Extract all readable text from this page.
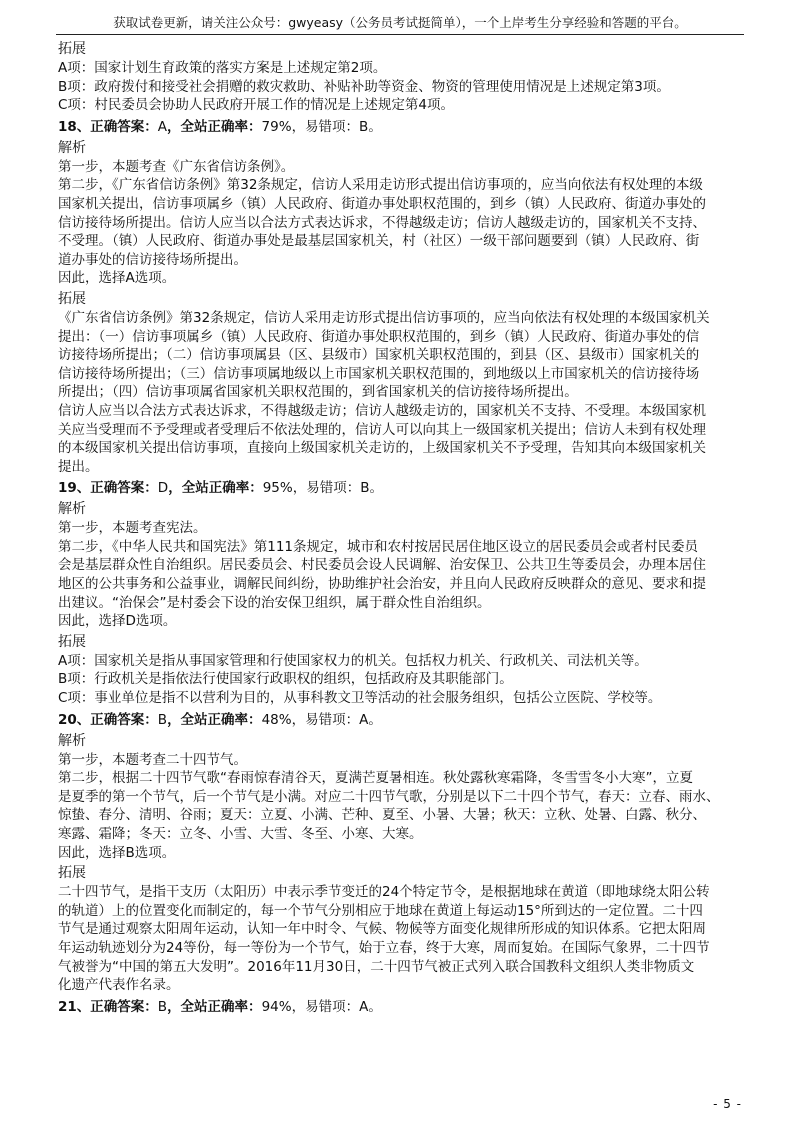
获取试卷更新，请关注公众号：gwyeasy（公务员考试挺简单），一个上岸考生分享经验和答题的平台。
拓展
A项：国家计划生育政策的落实方案是上述规定第2项。
B项：政府拨付和接受社会捐赠的救灾救助、补贴补助等资金、物资的管理使用情况是上述规定第3项。
C项：村民委员会协助人民政府开展工作的情况是上述规定第4项。
18、正确答案：A，全站正确率：79%，易错项：B。
解析
第一步，本题考查《广东省信访条例》。
第二步，《广东省信访条例》第32条规定，信访人采用走访形式提出信访事项的，应当向依法有权处理的本级
国家机关提出，信访事项属乡（镇）人民政府、街道办事处职权范围的，到乡（镇）人民政府、街道办事处的
信访接待场所提出。信访人应当以合法方式表达诉求，不得越级走访；信访人越级走访的，国家机关不支持、
不受理。（镇）人民政府、街道办事处是最基层国家机关，村（社区）一级干部问题要到（镇）人民政府、街
道办事处的信访接待场所提出。
因此，选择A选项。
拓展
《广东省信访条例》第32条规定，信访人采用走访形式提出信访事项的，应当向依法有权处理的本级国家机关
提出：（一）信访事项属乡（镇）人民政府、街道办事处职权范围的，到乡（镇）人民政府、街道办事处的信
访接待场所提出；（二）信访事项属县（区、县级市）国家机关职权范围的，到县（区、县级市）国家机关的
信访接待场所提出；（三）信访事项属地级以上市国家机关职权范围的，到地级以上市国家机关的信访接待场
所提出；（四）信访事项属省国家机关职权范围的，到省国家机关的信访接待场所提出。
信访人应当以合法方式表达诉求，不得越级走访；信访人越级走访的，国家机关不支持、不受理。本级国家机
关应当受理而不予受理或者受理后不依法处理的，信访人可以向其上一级国家机关提出；信访人未到有权处理
的本级国家机关提出信访事项，直接向上级国家机关走访的，上级国家机关不予受理，告知其向本级国家机关
提出。
19、正确答案：D，全站正确率：95%，易错项：B。
解析
第一步，本题考查宪法。
第二步，《中华人民共和国宪法》第111条规定，城市和农村按居民居住地区设立的居民委员会或者村民委员
会是基层群众性自治组织。居民委员会、村民委员会设人民调解、治安保卫、公共卫生等委员会，办理本居住
地区的公共事务和公益事业，调解民间纠纷，协助维护社会治安，并且向人民政府反映群众的意见、要求和提
出建议。“治保会”是村委会下设的治安保卫组织，属于群众性自治组织。
因此，选择D选项。
拓展
A项：国家机关是指从事国家管理和行使国家权力的机关。包括权力机关、行政机关、司法机关等。
B项：行政机关是指依法行使国家行政职权的组织，包括政府及其职能部门。
C项：事业单位是指不以营利为目的，从事科教文卫等活动的社会服务组织，包括公立医院、学校等。
20、正确答案：B，全站正确率：48%，易错项：A。
解析
第一步，本题考查二十四节气。
第二步，根据二十四节气歌“春雨惊春清谷天，夏满芒夏暑相连。秋处露秋寒霜降，冬雪雪冬小大寒”，立夏
是夏季的第一个节气，后一个节气是小满。对应二十四节气歌，分别是以下二十四个节气，春天：立春、雨水、
惊蛰、春分、清明、谷雨；夏天：立夏、小满、芒种、夏至、小暑、大暑；秋天：立秋、处暑、白露、秋分、
寒露、霜降；冬天：立冬、小雪、大雪、冬至、小寒、大寒。
因此，选择B选项。
拓展
二十四节气，是指干支历（太阳历）中表示季节变迁的24个特定节令，是根据地球在黄道（即地球绕太阳公转
的轨道）上的位置变化而制定的，每一个节气分别相应于地球在黄道上每运动15°所到达的一定位置。二十四
节气是通过观察太阳周年运动，认知一年中时令、气候、物候等方面变化规律所形成的知识体系。它把太阳周
年运动轨迹划分为24等份，每一等份为一个节气，始于立春，终于大寒，周而复始。在国际气象界，二十四节
气被誉为“中国的第五大发明”。2016年11月30日，二十四节气被正式列入联合国教科文组织人类非物质文
化遗产代表作名录。
21、正确答案：B，全站正确率：94%，易错项：A。
- 5 -
